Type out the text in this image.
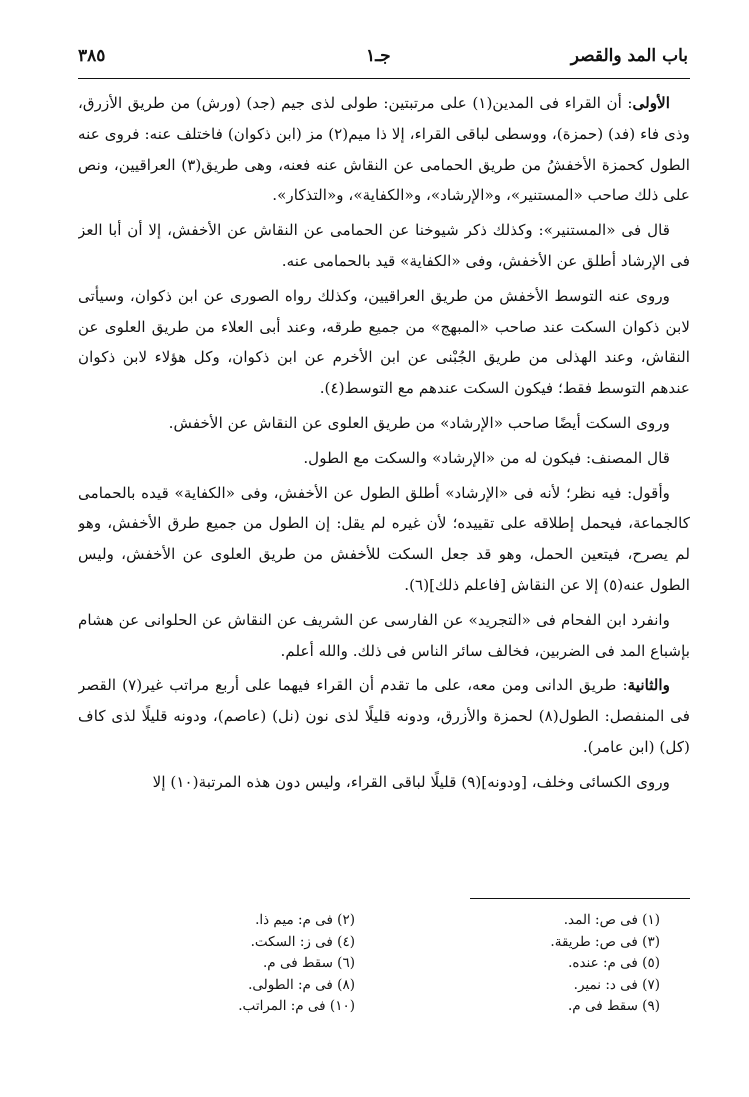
باب المد والقصر
جـ١
٣٨٥

الأولى: أن القراء فى المدين(١) على مرتبتين: طولى لذى جيم (جد) (ورش) من طريق الأزرق، وذى فاء (فد) (حمزة)، ووسطى لباقى القراء، إلا ذا ميم(٢) مز (ابن ذكوان) فاختلف عنه: فروى عنه الطول كحمزة الأخفشُ من طريق الحمامى عن النقاش عنه فعنه، وهى طريق(٣) العراقيين، ونص على ذلك صاحب «المستنير»، و«الإرشاد»، و«الكفاية»، و«التذكار».

قال فى «المستنير»: وكذلك ذكر شيوخنا عن الحمامى عن النقاش عن الأخفش، إلا أن أبا العز فى الإرشاد أطلق عن الأخفش، وفى «الكفاية» قيد بالحمامى عنه.

وروى عنه التوسط الأخفش من طريق العراقيين، وكذلك رواه الصورى عن ابن ذكوان، وسيأتى لابن ذكوان السكت عند صاحب «المبهج» من جميع طرقه، وعند أبى العلاء من طريق العلوى عن النقاش، وعند الهذلى من طريق الجُبْنى عن ابن الأخرم عن ابن ذكوان، وكل هؤلاء لابن ذكوان عندهم التوسط فقط؛ فيكون السكت عندهم مع التوسط(٤).

وروى السكت أيضًا صاحب «الإرشاد» من طريق العلوى عن النقاش عن الأخفش.

قال المصنف: فيكون له من «الإرشاد» والسكت مع الطول.

وأقول: فيه نظر؛ لأنه فى «الإرشاد» أطلق الطول عن الأخفش، وفى «الكفاية» قيده بالحمامى كالجماعة، فيحمل إطلاقه على تقييده؛ لأن غيره لم يقل: إن الطول من جميع طرق الأخفش، وهو لم يصرح، فيتعين الحمل، وهو قد جعل السكت للأخفش من طريق العلوى عن الأخفش، وليس الطول عنه(٥) إلا عن النقاش [فاعلم ذلك](٦).

وانفرد ابن الفحام فى «التجريد» عن الفارسى عن الشريف عن النقاش عن الحلوانى عن هشام بإشباع المد فى الضربين، فخالف سائر الناس فى ذلك. والله أعلم.

والثانية: طريق الدانى ومن معه، على ما تقدم أن القراء فيهما على أربع مراتب غير(٧) القصر فى المنفصل: الطول(٨) لحمزة والأزرق، ودونه قليلًا لذى نون (نل) (عاصم)، ودونه قليلًا لذى كاف (كل) (ابن عامر).

وروى الكسائى وخلف، [ودونه](٩) قليلًا لباقى القراء، وليس دون هذه المرتبة(١٠) إلا

(١) فى ص: المد.
(٢) فى م: ميم ذا.
(٣) فى ص: طريقة.
(٤) فى ز: السكت.
(٥) فى م: عنده.
(٦) سقط فى م.
(٧) فى د: نمير.
(٨) فى م: الطولى.
(٩) سقط فى م.
(١٠) فى م: المراتب.
